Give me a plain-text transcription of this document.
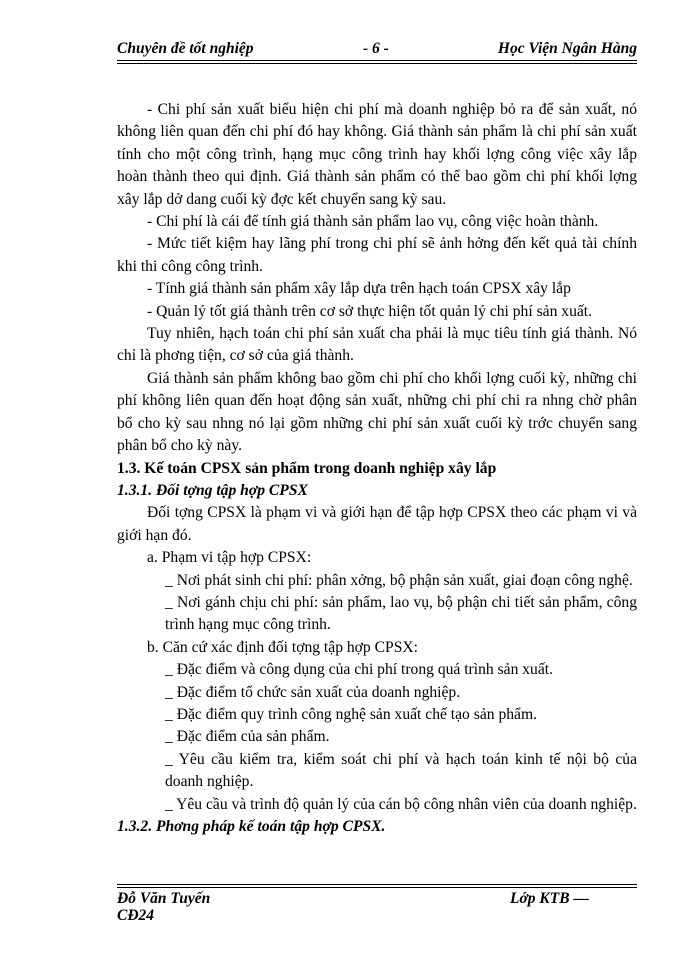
Chuyên đề tốt nghiệp	- 6 -	Học Viện Ngân Hàng

- Chi phí sản xuất biểu hiện chi phí mà doanh nghiệp bỏ ra để sản xuất, nó không liên quan đến chi phí đó hay không. Giá thành sản phẩm là chi phí sản xuất tính cho một công trình, hạng mục công trình hay khối lợng công việc xây lắp hoàn thành theo qui định. Giá thành sản phẩm có thể bao gồm chi phí khối lợng xây lắp dở dang cuối kỳ đợc kết chuyển sang kỳ sau.

- Chi phí là cái để tính giá thành sản phẩm lao vụ, công việc hoàn thành.

- Mức tiết kiệm hay lãng phí trong chi phí sẽ ảnh hởng đến kết quả tài chính khi thi công công trình.

- Tính giá thành sản phẩm xây lắp dựa trên hạch toán CPSX xây lắp

- Quản lý tốt giá thành trên cơ sở thực hiện tốt quản lý chi phí sản xuất.

Tuy nhiên, hạch toán chi phí sản xuất cha phải là mục tiêu tính giá thành. Nó chỉ là phơng tiện, cơ sở của giá thành.

Giá thành sản phẩm không bao gồm chi phí cho khối lợng cuối kỳ, những chi phí không liên quan đến hoạt động sản xuất, những chi phí chi ra nhng chờ phân bổ cho kỳ sau nhng nó lại gồm những chi phí sản xuất cuối kỳ trớc chuyển sang phân bổ cho kỳ này.

1.3. Kế toán CPSX sản phẩm trong doanh nghiệp xây lắp

1.3.1. Đối tợng tập hợp CPSX

Đối tợng CPSX là phạm vi và giới hạn để tập hợp CPSX theo các phạm vi và giới hạn đó.

a. Phạm vi tập hợp CPSX:

_ Nơi phát sinh chi phí: phân xởng, bộ phận sản xuất, giai đoạn công nghệ.

_ Nơi gánh chịu chi phí: sản phẩm, lao vụ, bộ phận chi tiết sản phẩm, công trình hạng mục công trình.

b. Căn cứ xác định đối tợng tập hợp CPSX:

_ Đặc điểm và công dụng của chi phí trong quá trình sản xuất.

_ Đặc điểm tổ chức sản xuất của doanh nghiệp.

_ Đặc điểm quy trình công nghệ sản xuất chế tạo sản phẩm.

_ Đặc điểm của sản phẩm.

_ Yêu cầu kiểm tra, kiểm soát chi phí và hạch toán kinh tế nội bộ của doanh nghiệp.

_ Yêu cầu và trình độ quản lý của cán bộ công nhân viên của doanh nghiệp.

1.3.2. Phơng pháp kế toán tập hợp CPSX.

Đỗ Văn Tuyến	Lớp KTB —
CĐ24
